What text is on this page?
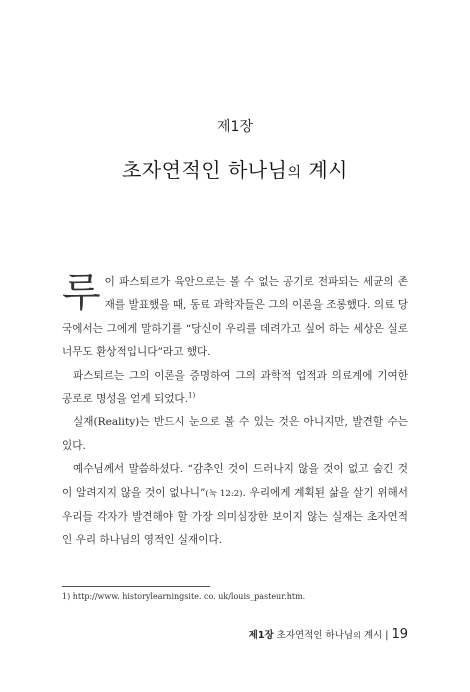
제1장
초자연적인 하나님의 계시

루이 파스퇴르가 육안으로는 볼 수 없는 공기로 전파되는 세균의 존재를 발표했을 때, 동료 과학자들은 그의 이론을 조롱했다. 의료 당국에서는 그에게 말하기를 “당신이 우리를 데려가고 싶어 하는 세상은 실로 너무도 환상적입니다”라고 했다.

파스퇴르는 그의 이론을 증명하여 그의 과학적 업적과 의료계에 기여한 공로로 명성을 얻게 되었다.$^{1)}$

실재(Reality)는 반드시 눈으로 볼 수 있는 것은 아니지만, 발견할 수는 있다.

예수님께서 말씀하셨다. “감추인 것이 드러나지 않을 것이 없고 숨긴 것이 알려지지 않을 것이 없나니”(눅 12:2). 우리에게 계획된 삶을 살기 위해서 우리들 각자가 발견해야 할 가장 의미심장한 보이지 않는 실재는 초자연적인 우리 하나님의 영적인 실재이다.

1) http://www. historylearningsite. co. uk/louis_pasteur.htm.
제1장 초자연적인 하나님의 계시 | 19
